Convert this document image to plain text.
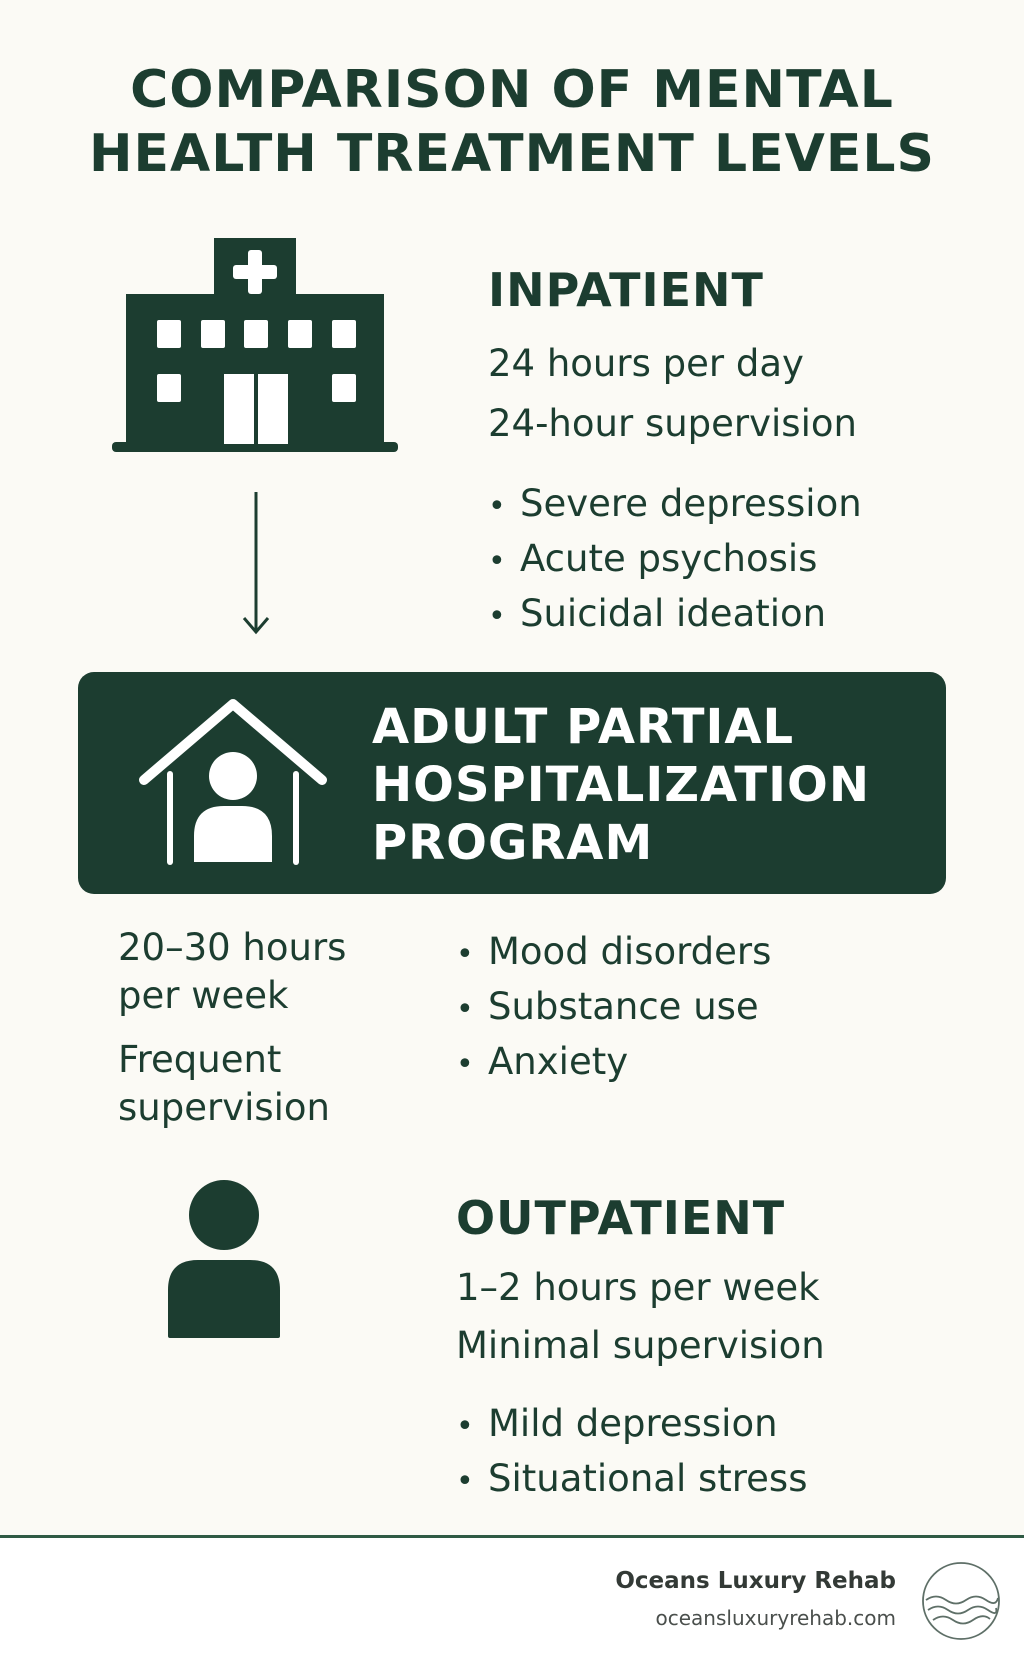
COMPARISON OF MENTAL
HEALTH TREATMENT LEVELS
INPATIENT
24 hours per day
24-hour supervision
• Severe depression
• Acute psychosis
• Suicidal ideation
ADULT PARTIAL
HOSPITALIZATION
PROGRAM
20–30 hours
per week
Frequent
supervision
• Mood disorders
• Substance use
• Anxiety
OUTPATIENT
1–2 hours per week
Minimal supervision
• Mild depression
• Situational stress
Oceans Luxury Rehab
oceansluxuryrehab.com
